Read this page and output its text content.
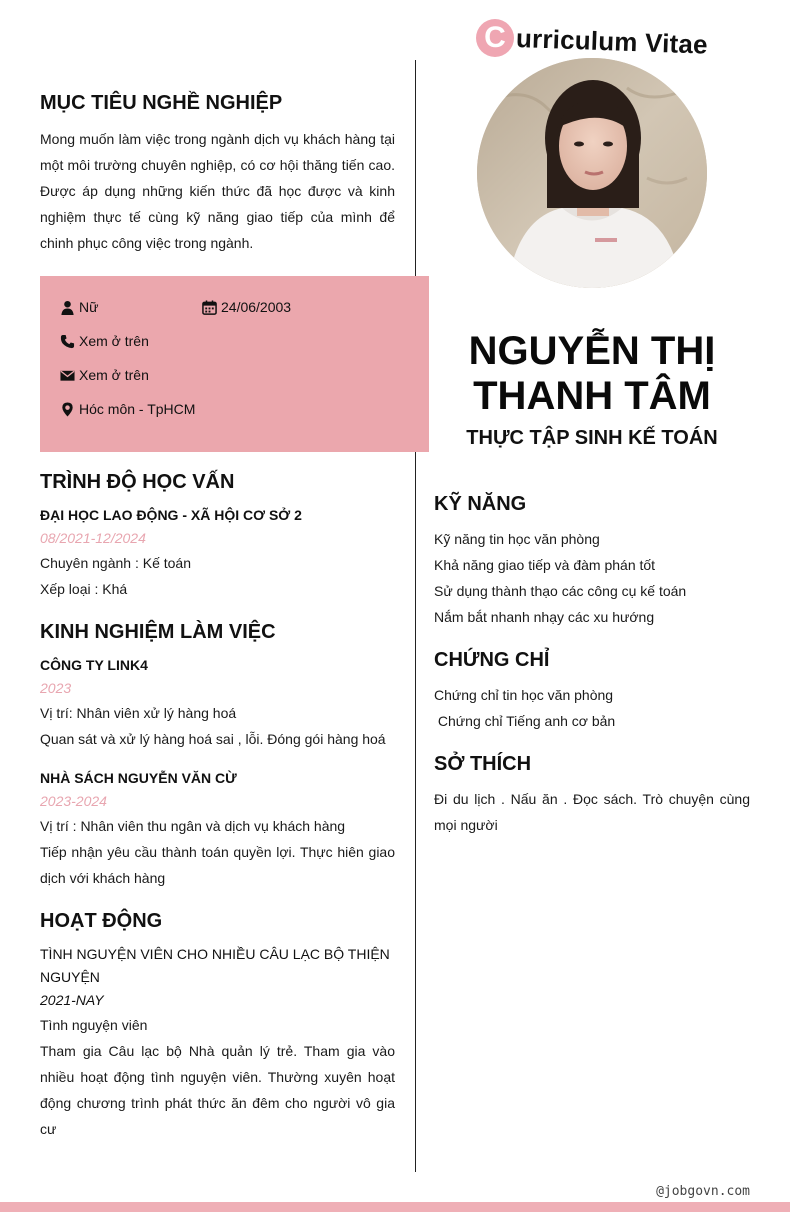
C urriculum Vitae
MỤC TIÊU NGHỀ NGHIỆP

Mong muốn làm việc trong ngành dịch vụ khách hàng tại một môi trường chuyên nghiệp, có cơ hội thăng tiến cao. Được áp dụng những kiến thức đã học được và kinh nghiệm thực tế cùng kỹ năng giao tiếp của mình để chinh phục công việc trong ngành.

Nữ	24/06/2003
Xem ở trên
Xem ở trên
Hóc môn - TpHCM
NGUYỄN THỊ
THANH TÂM
THỰC TẬP SINH KẾ TOÁN
TRÌNH ĐỘ HỌC VẤN

ĐẠI HỌC LAO ĐỘNG - XÃ HỘI CƠ SỞ 2

08/2021-12/2024

Chuyên ngành : Kế toán

Xếp loại : Khá

KINH NGHIỆM LÀM VIỆC

CÔNG TY LINK4

2023

Vị trí: Nhân viên xử lý hàng hoá

Quan sát và xử lý hàng hoá sai , lỗi. Đóng gói hàng hoá

NHÀ SÁCH NGUYỄN VĂN CỪ

2023-2024

Vị trí : Nhân viên thu ngân và dịch vụ khách hàng

Tiếp nhận yêu cầu thành toán quyền lợi. Thực hiên giao dịch với khách hàng

HOẠT ĐỘNG

TÌNH NGUYỆN VIÊN CHO NHIỀU CÂU LẠC BỘ THIỆN NGUYỆN

2021-NAY

Tình nguyện viên

Tham gia Câu lạc bộ Nhà quản lý trẻ. Tham gia vào nhiều hoạt động tình nguyện viên. Thường xuyên hoạt động chương trình phát thức ăn đêm cho người vô gia cư

KỸ NĂNG

Kỹ năng tin học văn phòng

Khả năng giao tiếp và đàm phán tốt

Sử dụng thành thạo các công cụ kế toán

Nắm bắt nhanh nhạy các xu hướng

CHỨNG CHỈ

Chứng chỉ tin học văn phòng

Chứng chỉ Tiếng anh cơ bản

SỞ THÍCH

Đi du lịch . Nấu ăn . Đọc sách. Trò chuyện cùng mọi người

@jobgovn.com
